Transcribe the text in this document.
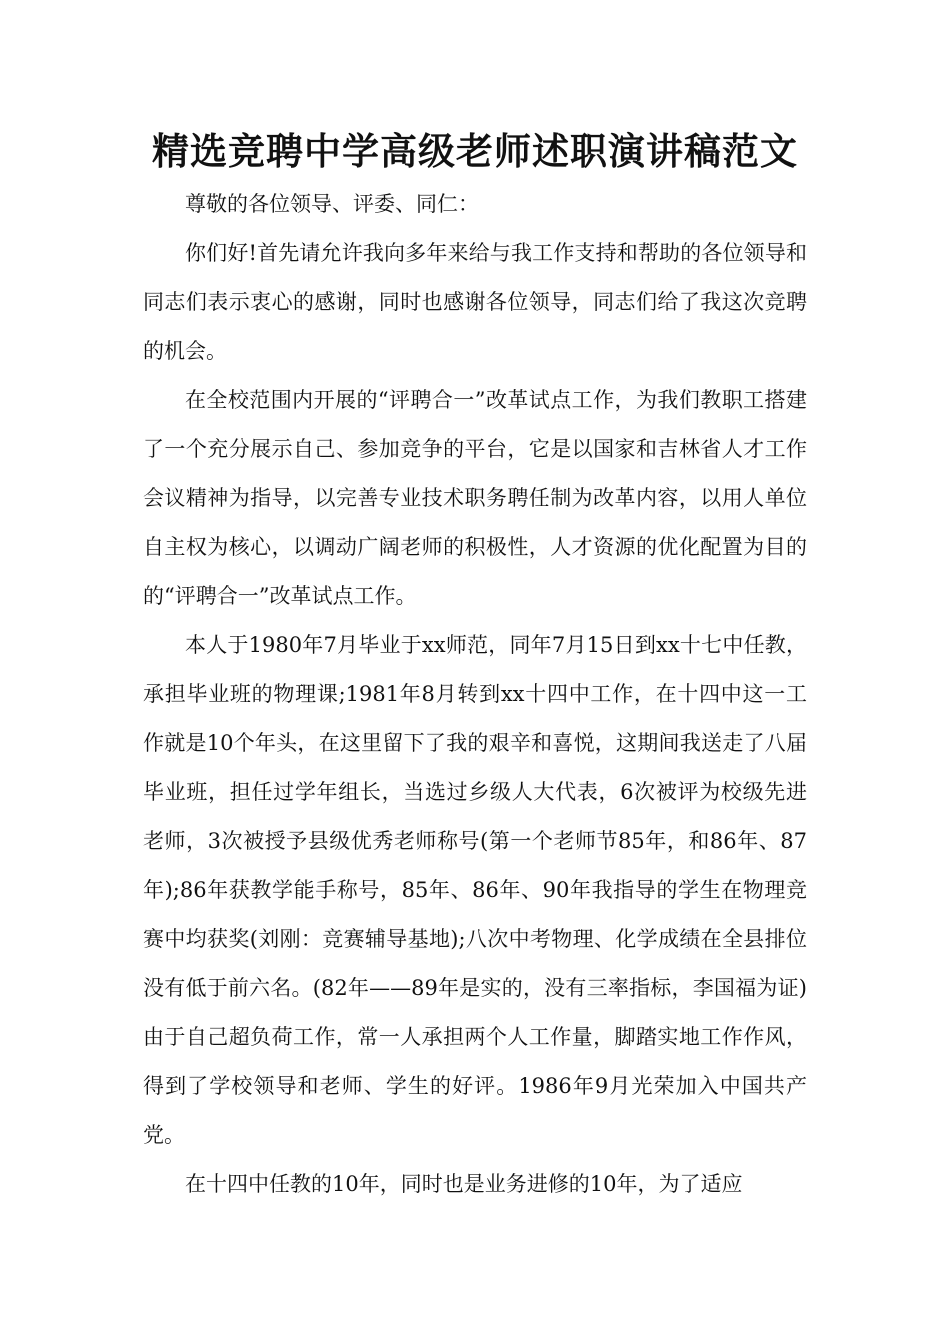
精选竞聘中学高级老师述职演讲稿范文

尊敬的各位领导、评委、同仁：

你们好!首先请允许我向多年来给与我工作支持和帮助的各位领导和同志们表示衷心的感谢，同时也感谢各位领导，同志们给了我这次竞聘的机会。

在全校范围内开展的“评聘合一”改革试点工作，为我们教职工搭建了一个充分展示自己、参加竞争的平台，它是以国家和吉林省人才工作会议精神为指导，以完善专业技术职务聘任制为改革内容，以用人单位自主权为核心，以调动广阔老师的积极性，人才资源的优化配置为目的的“评聘合一”改革试点工作。

本人于1980年7月毕业于xx师范，同年7月15日到xx十七中任教，承担毕业班的物理课;1981年8月转到xx十四中工作，在十四中这一工作就是10个年头，在这里留下了我的艰辛和喜悦，这期间我送走了八届毕业班，担任过学年组长，当选过乡级人大代表，6次被评为校级先进老师，3次被授予县级优秀老师称号(第一个老师节85年，和86年、87年);86年获教学能手称号，85年、86年、90年我指导的学生在物理竞赛中均获奖(刘刚：竞赛辅导基地);八次中考物理、化学成绩在全县排位没有低于前六名。(82年——89年是实的，没有三率指标，李国福为证)由于自己超负荷工作，常一人承担两个人工作量，脚踏实地工作作风，得到了学校领导和老师、学生的好评。1986年9月光荣加入中国共产党。

在十四中任教的10年，同时也是业务进修的10年，为了适应
